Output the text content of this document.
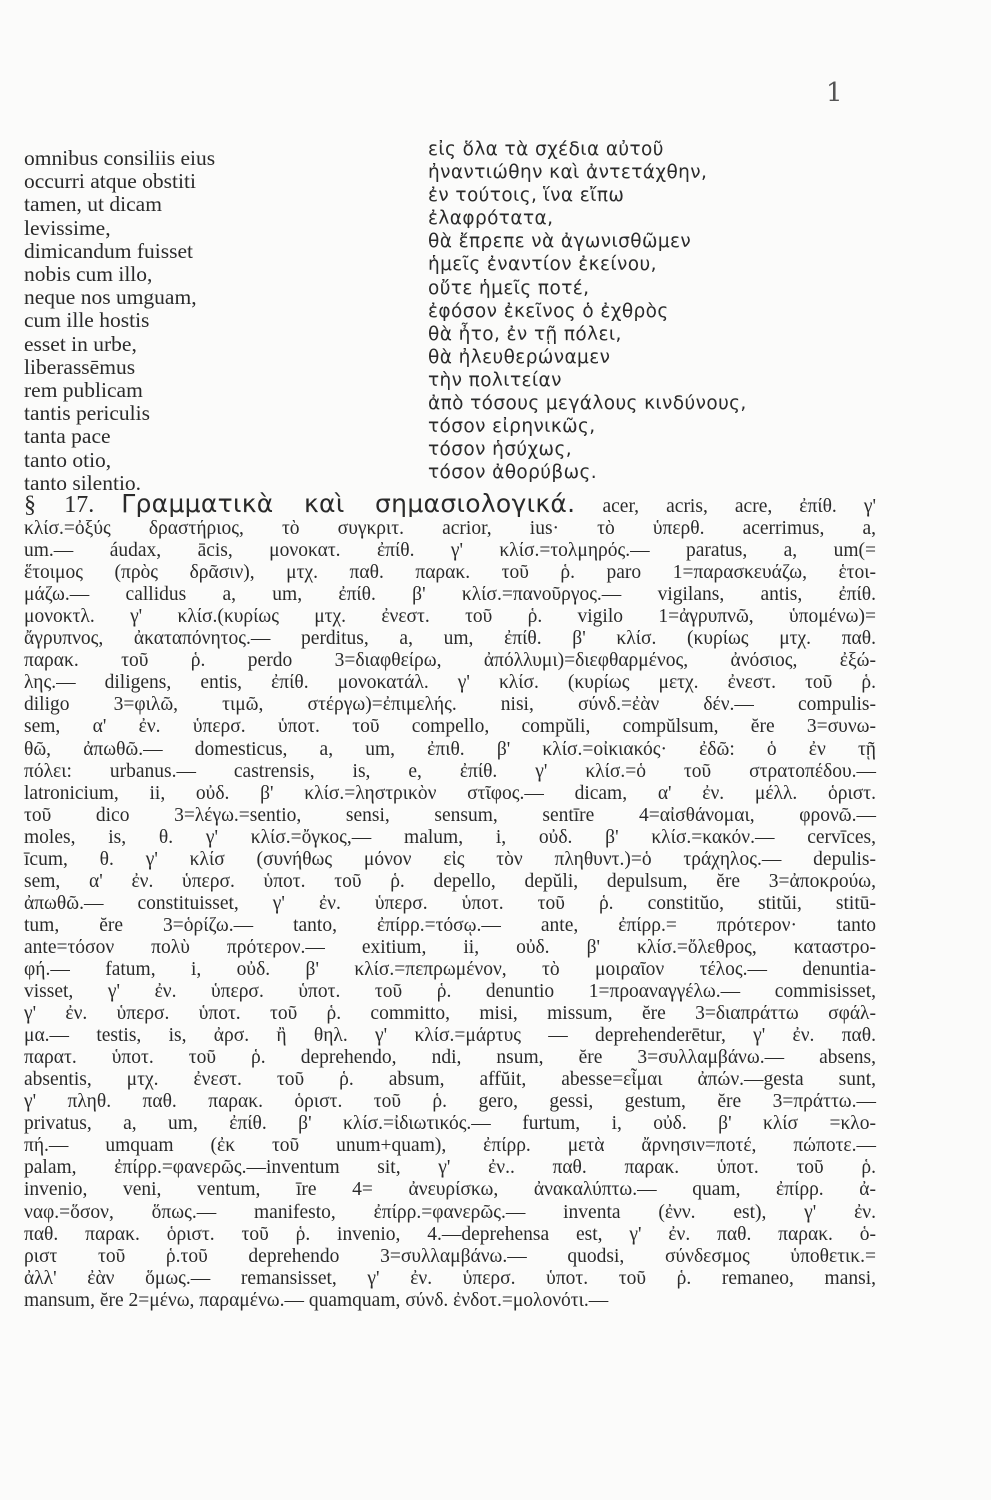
1
omnibus consiliis eius
occurri atque obstiti
tamen, ut dicam
levissime,
dimicandum fuisset
nobis cum illo,
neque nos umguam,
cum ille hostis
esset in urbe,
liberassēmus
rem publicam
tantis periculis
tanta pace
tanto otio,
tanto silentio.
εἰς ὅλα τὰ σχέδια αὐτοῦ
ἠναντιώθην καὶ ἀντετάχθην,
ἐν τούτοις, ἵνα εἴπω
ἐλαφρότατα,
θὰ ἔπρεπε νὰ ἀγωνισθῶμεν
ἡμεῖς ἐναντίον ἐκείνου,
οὔτε ἡμεῖς ποτέ,
ἐφόσον ἐκεῖνος ὁ ἐχθρὸς
θὰ ἦτο, ἐν τῇ πόλει,
θὰ ἠλευθερώναμεν
τὴν πολιτείαν
ἀπὸ τόσους μεγάλους κινδύνους,
τόσον εἰρηνικῶς,
τόσον ἡσύχως,
τόσον ἀθορύβως.

§ 17. Γραμματικὰ καὶ σημασιολογικά. acer, acris, acre, ἐπίθ. γ'

κλίσ.=ὀξύς δραστήριος, τὸ συγκριτ. acrior, ius· τὸ ὑπερθ. acerrimus, a,

um.— áudax, ācis, μονοκατ. ἐπίθ. γ' κλίσ.=τολμηρός.— paratus, a, um(=

ἕτοιμος (πρὸς δρᾶσιν), μτχ. παθ. παρακ. τοῦ ῥ. paro 1=παρασκευάζω, ἑτοι-

μάζω.— callidus a, um, ἐπίθ. β' κλίσ.=πανοῦργος.— vigilans, antis, ἐπίθ.

μονοκτλ. γ' κλίσ.(κυρίως μτχ. ἐνεστ. τοῦ ῥ. vigilo 1=ἀγρυπνῶ, ὑπομένω)=

ἄγρυπνος, ἀκαταπόνητος.— perditus, a, um, ἐπίθ. β' κλίσ. (κυρίως μτχ. παθ.

παρακ. τοῦ ῥ. perdo 3=διαφθείρω, ἀπόλλυμι)=διεφθαρμένος, ἀνόσιος, ἐξώ-

λης.— diligens, entis, ἐπίθ. μονοκατάλ. γ' κλίσ. (κυρίως μετχ. ἐνεστ. τοῦ ῥ.

diligo 3=φιλῶ, τιμῶ, στέργω)=ἐπιμελής. nisi, σύνδ.=ἐὰν δέν.— compulis-

sem, α' ἐν. ὑπερσ. ὑποτ. τοῦ compello, compŭli, compŭlsum, ĕre 3=συνω-

θῶ, ἀπωθῶ.— domesticus, a, um, ἐπιθ. β' κλίσ.=οἰκιακός· ἐδῶ: ὁ ἐν τῇ

πόλει: urbanus.— castrensis, is, e, ἐπίθ. γ' κλίσ.=ὁ τοῦ στρατοπέδου.—

latronicium, ii, οὐδ. β' κλίσ.=ληστρικὸν στῖφος.— dicam, α' ἐν. μέλλ. ὁριστ.

τοῦ dico 3=λέγω.=sentio, sensi, sensum, sentīre 4=αἰσθάνομαι, φρονῶ.—

moles, is, θ. γ' κλίσ.=ὄγκος,— malum, i, οὐδ. β' κλίσ.=κακόν.— cervīces,

īcum, θ. γ' κλίσ (συνήθως μόνον εἰς τὸν πληθυντ.)=ὁ τράχηλος.— depulis-

sem, α' ἐν. ὑπερσ. ὑποτ. τοῦ ῥ. depello, depŭli, depulsum, ĕre 3=ἀποκρούω,

ἀπωθῶ.— constituisset, γ' ἐν. ὑπερσ. ὑποτ. τοῦ ῥ. constitŭo, stitŭi, stitū-

tum, ĕre 3=ὁρίζω.— tanto, ἐπίρρ.=τόσῳ.— ante, ἐπίρρ.= πρότερον· tanto

ante=τόσον πολὺ πρότερον.— exitium, ii, οὐδ. β' κλίσ.=ὄλεθρος, καταστρο-

φή.— fatum, i, οὐδ. β' κλίσ.=πεπρωμένον, τὸ μοιραῖον τέλος.— denuntia-

visset, γ' ἐν. ὑπερσ. ὑποτ. τοῦ ῥ. denuntio 1=προαναγγέλω.— commisisset,

γ' ἐν. ὑπερσ. ὑποτ. τοῦ ῥ. committo, misi, missum, ĕre 3=διαπράττω σφάλ-

μα.— testis, is, ἀρσ. ἢ θηλ. γ' κλίσ.=μάρτυς — deprehenderētur, γ' ἐν. παθ.

παρατ. ὑποτ. τοῦ ῥ. deprehendo, ndi, nsum, ĕre 3=συλλαμβάνω.— absens,

absentis, μτχ. ἐνεστ. τοῦ ῥ. absum, affŭit, abesse=εἶμαι ἀπών.—gesta sunt,

γ' πληθ. παθ. παρακ. ὁριστ. τοῦ ῥ. gero, gessi, gestum, ĕre 3=πράττω.—

privatus, a, um, ἐπίθ. β' κλίσ.=ἰδιωτικός.— furtum, i, οὐδ. β' κλίσ =κλο-

πή.— umquam (ἐκ τοῦ unum+quam), ἐπίρρ. μετὰ ἄρνησιν=ποτέ, πώποτε.—

palam, ἐπίρρ.=φανερῶς.—inventum sit, γ' ἐν.. παθ. παρακ. ὑποτ. τοῦ ῥ.

invenio, veni, ventum, īre 4= ἀνευρίσκω, ἀνακαλύπτω.— quam, ἐπίρρ. ἀ-

ναφ.=ὅσον, ὅπως.— manifesto, ἐπίρρ.=φανερῶς.— inventa (ἐνν. est), γ' ἐν.

παθ. παρακ. ὁριστ. τοῦ ῥ. invenio, 4.—deprehensa est, γ' ἐν. παθ. παρακ. ὁ-

ριστ τοῦ ῥ.τοῦ deprehendo 3=συλλαμβάνω.— quodsi, σύνδεσμος ὑποθετικ.=

ἀλλ' ἐὰν ὅμως.— remansisset, γ' ἐν. ὑπερσ. ὑποτ. τοῦ ῥ. remaneo, mansi,

mansum, ĕre 2=μένω, παραμένω.— quamquam, σύνδ. ἐνδοτ.=μολονότι.—
